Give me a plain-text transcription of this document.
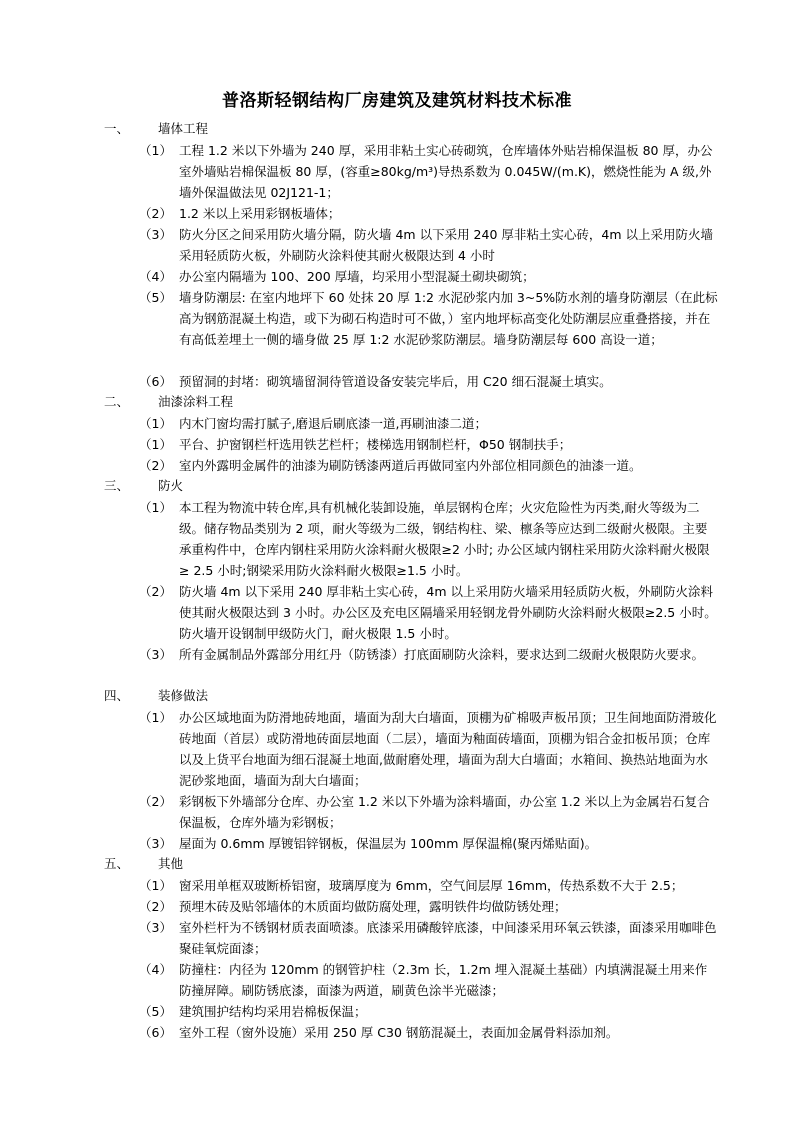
普洛斯轻钢结构厂房建筑及建筑材料技术标准
一、 墙体工程
（1） 工程 1.2 米以下外墙为 240 厚，采用非粘土实心砖砌筑，仓库墙体外贴岩棉保温板 80 厚，办公室外墙贴岩棉保温板 80 厚，(容重≥80kg/m³)导热系数为 0.045W/(m.K)，燃烧性能为 A 级,外墙外保温做法见 02J121-1；
（2） 1.2 米以上采用彩钢板墙体；
（3） 防火分区之间采用防火墙分隔，防火墙 4m 以下采用 240 厚非粘土实心砖，4m 以上采用防火墙采用轻质防火板，外刷防火涂料使其耐火极限达到 4 小时
（4） 办公室内隔墙为 100、200 厚墙，均采用小型混凝土砌块砌筑；
（5） 墙身防潮层: 在室内地坪下 60 处抹 20 厚 1:2 水泥砂浆内加 3~5%防水剂的墙身防潮层（在此标高为钢筋混凝土构造，或下为砌石构造时可不做，）室内地坪标高变化处防潮层应重叠搭接，并在有高低差埋土一侧的墙身做 25 厚 1:2 水泥砂浆防潮层。墙身防潮层每 600 高设一道；
（6） 预留洞的封堵：砌筑墙留洞待管道设备安装完毕后，用 C20 细石混凝土填实。
二、 油漆涂料工程
（1） 内木门窗均需打腻子,磨退后刷底漆一道,再刷油漆二道；
（1） 平台、护窗钢栏杆选用铁艺栏杆；楼梯选用钢制栏杆，Φ50 钢制扶手；
（2） 室内外露明金属件的油漆为刷防锈漆两道后再做同室内外部位相同颜色的油漆一道。
三、 防火
（1） 本工程为物流中转仓库,具有机械化装卸设施，单层钢构仓库；火灾危险性为丙类,耐火等级为二级。储存物品类别为 2 项，耐火等级为二级，钢结构柱、梁、檩条等应达到二级耐火极限。主要承重构件中，仓库内钢柱采用防火涂料耐火极限≥2 小时; 办公区域内钢柱采用防火涂料耐火极限≥ 2.5 小时;钢梁采用防火涂料耐火极限≥1.5 小时。
（2） 防火墙 4m 以下采用 240 厚非粘土实心砖，4m 以上采用防火墙采用轻质防火板，外刷防火涂料使其耐火极限达到 3 小时。办公区及充电区隔墙采用轻钢龙骨外刷防火涂料耐火极限≥2.5 小时。防火墙开设钢制甲级防火门，耐火极限 1.5 小时。
（3） 所有金属制品外露部分用红丹（防锈漆）打底面刷防火涂料，要求达到二级耐火极限防火要求。
四、 装修做法
（1） 办公区域地面为防滑地砖地面，墙面为刮大白墙面，顶棚为矿棉吸声板吊顶；卫生间地面防滑玻化砖地面（首层）或防滑地砖面层地面（二层），墙面为釉面砖墙面，顶棚为铝合金扣板吊顶；仓库以及上货平台地面为细石混凝土地面,做耐磨处理，墙面为刮大白墙面；水箱间、换热站地面为水泥砂浆地面，墙面为刮大白墙面；
（2） 彩钢板下外墙部分仓库、办公室 1.2 米以下外墙为涂料墙面，办公室 1.2 米以上为金属岩石复合保温板，仓库外墙为彩钢板；
（3） 屋面为 0.6mm 厚镀铝锌钢板，保温层为 100mm 厚保温棉(聚丙烯贴面)。
五、 其他
（1） 窗采用单框双玻断桥铝窗，玻璃厚度为 6mm，空气间层厚 16mm，传热系数不大于 2.5；
（2） 预埋木砖及贴邻墙体的木质面均做防腐处理，露明铁件均做防锈处理；
（3） 室外栏杆为不锈钢材质表面喷漆。底漆采用磷酸锌底漆，中间漆采用环氧云铁漆，面漆采用咖啡色聚硅氧烷面漆；
（4） 防撞柱：内径为 120mm 的钢管护柱（2.3m 长，1.2m 埋入混凝土基础）内填满混凝土用来作防撞屏障。刷防锈底漆，面漆为两道，刷黄色涂半光磁漆；
（5） 建筑围护结构均采用岩棉板保温；
（6） 室外工程（窗外设施）采用 250 厚 C30 钢筋混凝土，表面加金属骨料添加剂。
